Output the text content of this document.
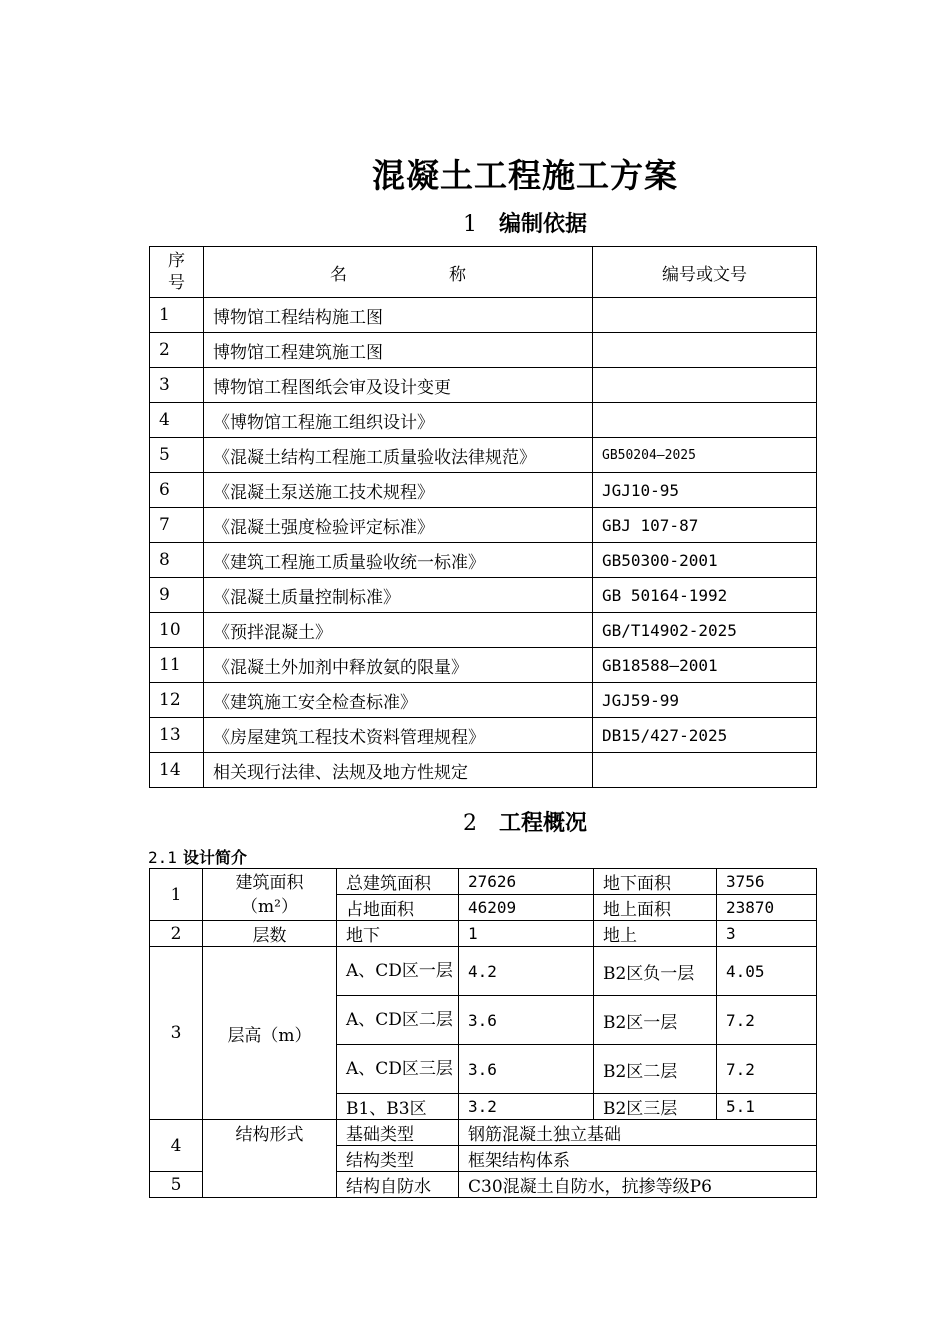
混凝土工程施工方案
1 编制依据
序
号	名　　　　　　称	编号或文号
1	博物馆工程结构施工图	
2	博物馆工程建筑施工图	
3	博物馆工程图纸会审及设计变更	
4	《博物馆工程施工组织设计》	
5	《混凝土结构工程施工质量验收法律规范》	GB50204—2025
6	《混凝土泵送施工技术规程》	JGJ10-95
7	《混凝土强度检验评定标准》	GBJ 107-87
8	《建筑工程施工质量验收统一标准》	GB50300-2001
9	《混凝土质量控制标准》	GB 50164-1992
10	《预拌混凝土》	GB/T14902-2025
11	《混凝土外加剂中释放氨的限量》	GB18588—2001
12	《建筑施工安全检查标准》	JGJ59-99
13	《房屋建筑工程技术资料管理规程》	DB15/427-2025
14	相关现行法律、法规及地方性规定	
2 工程概况
2.1 设计简介
1	建筑面积
（m²）	总建筑面积	27626	地下面积	3756
		占地面积	46209	地上面积	23870
2	层数	地下	1	地上	3
3	层高（m）	A、CD区一层	4.2	B2区负一层	4.05
		A、CD区二层	3.6	B2区一层	7.2
		A、CD区三层	3.6	B2区二层	7.2
		B1、B3区	3.2	B2区三层	5.1
4	结构形式	基础类型	钢筋混凝土独立基础		
		结构类型	框架结构体系		
5		结构自防水	C30混凝土自防水，抗掺等级P6		
